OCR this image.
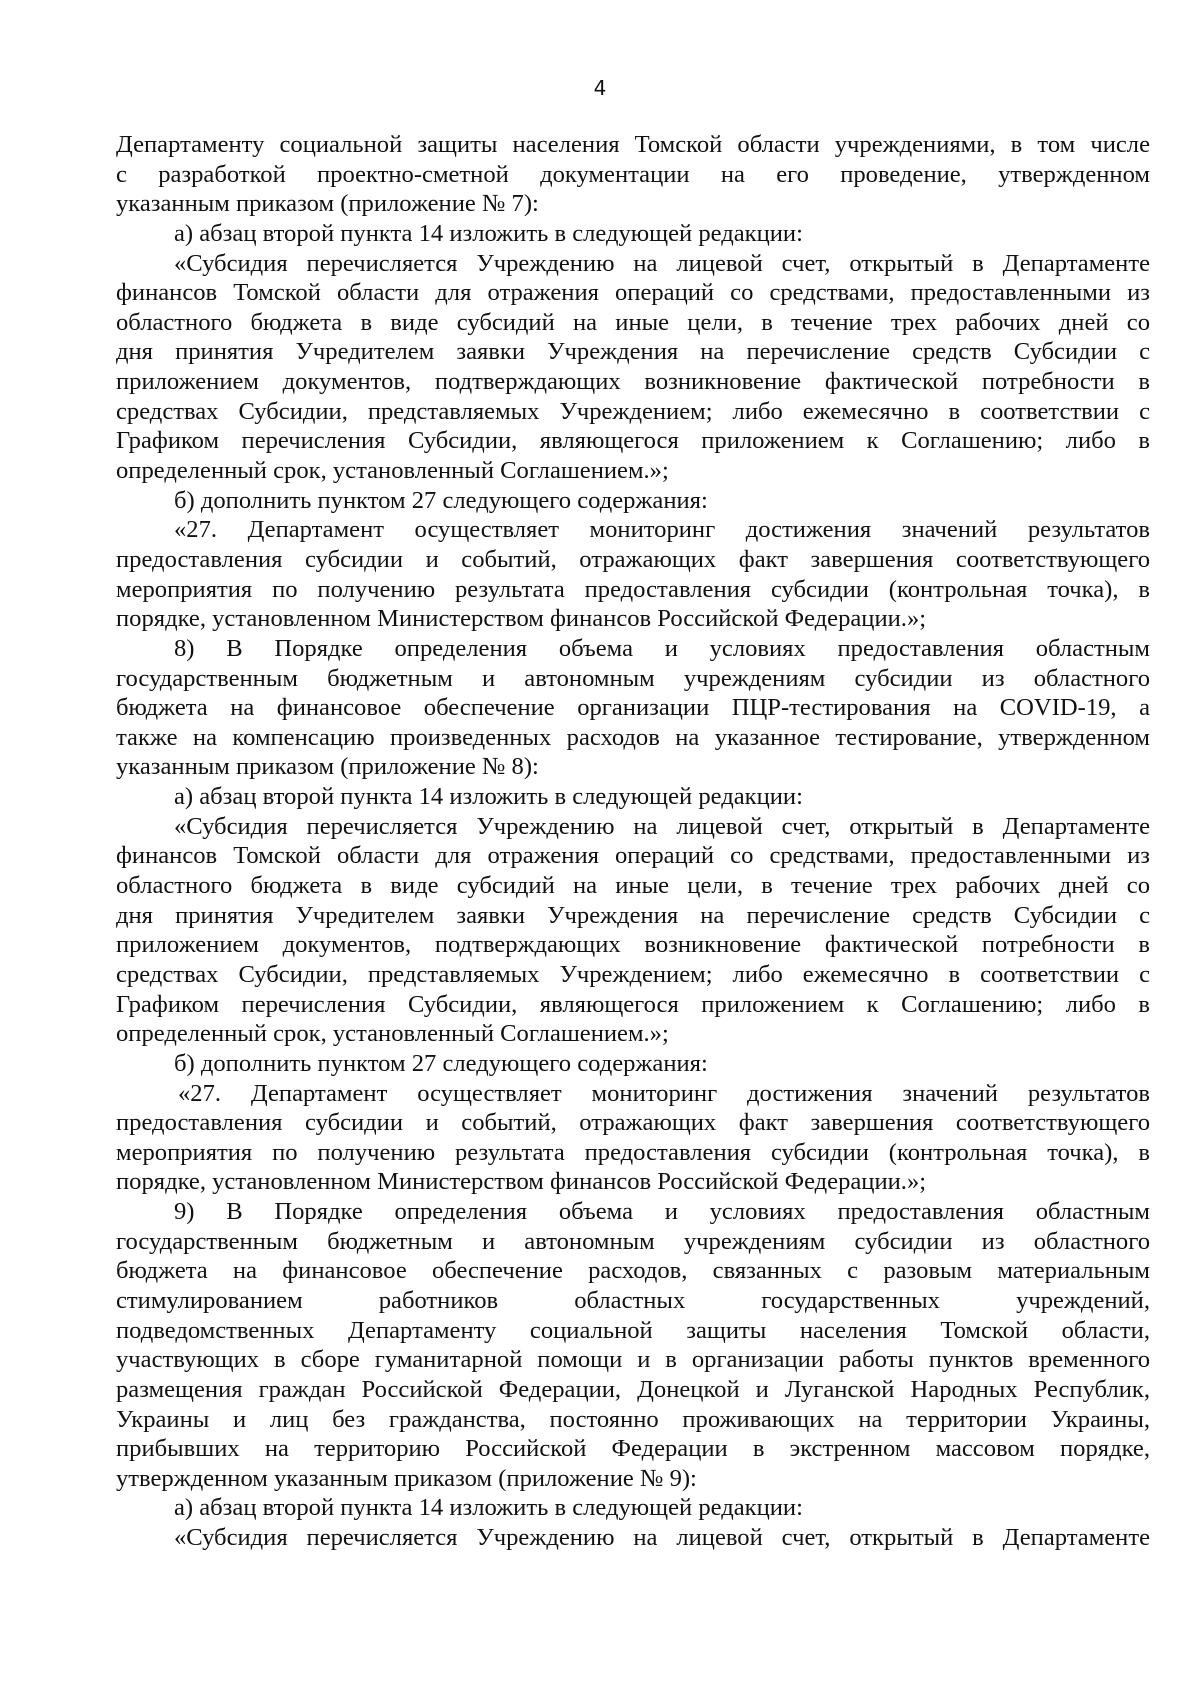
4
Департаменту социальной защиты населения Томской области учреждениями, в том числе
с разработкой проектно-сметной документации на его проведение, утвержденном
указанным приказом (приложение № 7):
а) абзац второй пункта 14 изложить в следующей редакции:
«Субсидия перечисляется Учреждению на лицевой счет, открытый в Департаменте
финансов Томской области для отражения операций со средствами, предоставленными из
областного бюджета в виде субсидий на иные цели, в течение трех рабочих дней со
дня принятия Учредителем заявки Учреждения на перечисление средств Субсидии с
приложением документов, подтверждающих возникновение фактической потребности в
средствах Субсидии, представляемых Учреждением; либо ежемесячно в соответствии с
Графиком перечисления Субсидии, являющегося приложением к Соглашению; либо в
определенный срок, установленный Соглашением.»;
б) дополнить пунктом 27 следующего содержания:
«27. Департамент осуществляет мониторинг достижения значений результатов
предоставления субсидии и событий, отражающих факт завершения соответствующего
мероприятия по получению результата предоставления субсидии (контрольная точка), в
порядке, установленном Министерством финансов Российской Федерации.»;
8) В Порядке определения объема и условиях предоставления областным
государственным бюджетным и автономным учреждениям субсидии из областного
бюджета на финансовое обеспечение организации ПЦР-тестирования на COVID-19, а
также на компенсацию произведенных расходов на указанное тестирование, утвержденном
указанным приказом (приложение № 8):
а) абзац второй пункта 14 изложить в следующей редакции:
«Субсидия перечисляется Учреждению на лицевой счет, открытый в Департаменте
финансов Томской области для отражения операций со средствами, предоставленными из
областного бюджета в виде субсидий на иные цели, в течение трех рабочих дней со
дня принятия Учредителем заявки Учреждения на перечисление средств Субсидии с
приложением документов, подтверждающих возникновение фактической потребности в
средствах Субсидии, представляемых Учреждением; либо ежемесячно в соответствии с
Графиком перечисления Субсидии, являющегося приложением к Соглашению; либо в
определенный срок, установленный Соглашением.»;
б) дополнить пунктом 27 следующего содержания:
«27. Департамент осуществляет мониторинг достижения значений результатов
предоставления субсидии и событий, отражающих факт завершения соответствующего
мероприятия по получению результата предоставления субсидии (контрольная точка), в
порядке, установленном Министерством финансов Российской Федерации.»;
9) В Порядке определения объема и условиях предоставления областным
государственным бюджетным и автономным учреждениям субсидии из областного
бюджета на финансовое обеспечение расходов, связанных с разовым материальным
стимулированием работников областных государственных учреждений,
подведомственных Департаменту социальной защиты населения Томской области,
участвующих в сборе гуманитарной помощи и в организации работы пунктов временного
размещения граждан Российской Федерации, Донецкой и Луганской Народных Республик,
Украины и лиц без гражданства, постоянно проживающих на территории Украины,
прибывших на территорию Российской Федерации в экстренном массовом порядке,
утвержденном указанным приказом (приложение № 9):
а) абзац второй пункта 14 изложить в следующей редакции:
«Субсидия перечисляется Учреждению на лицевой счет, открытый в Департаменте
